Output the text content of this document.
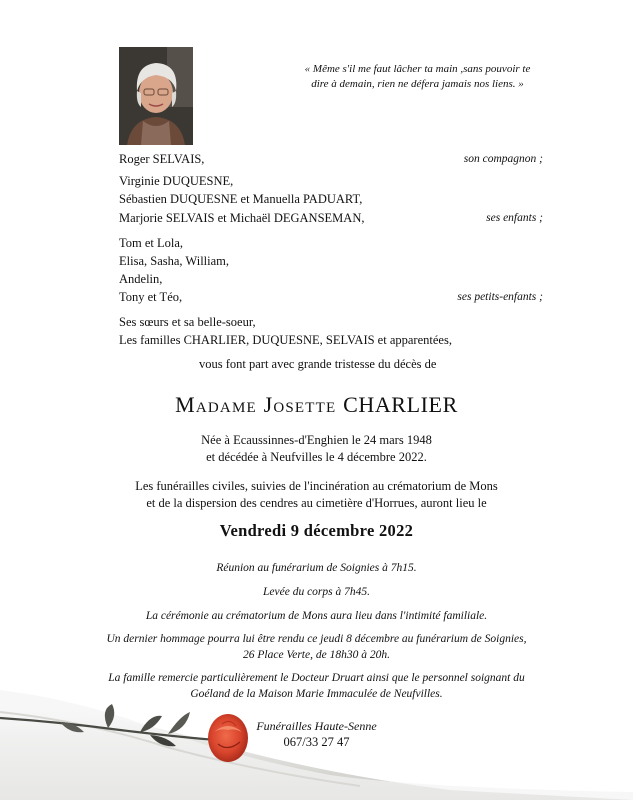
« Même s'il me faut lâcher ta main ,sans pouvoir te
dire à demain, rien ne défera jamais nos liens. »
Roger SELVAIS,	son compagnon ;
Virginie DUQUESNE,
Sébastien DUQUESNE et Manuella PADUART,
Marjorie SELVAIS et Michaël DEGANSEMAN,	ses enfants ;
Tom et Lola,
Elisa, Sasha, William,
Andelin,
Tony et Téo,	ses petits-enfants ;
Ses sœurs et sa belle-soeur,
Les familles CHARLIER, DUQUESNE, SELVAIS et apparentées,
vous font part avec grande tristesse du décès de
Madame Josette CHARLIER
Née à Ecaussinnes-d'Enghien le 24 mars 1948
et décédée à Neufvilles le 4 décembre 2022.
Les funérailles civiles, suivies de l'incinération au crématorium de Mons
et de la dispersion des cendres au cimetière d'Horrues, auront lieu le
Vendredi 9 décembre 2022
Réunion au funérarium de Soignies à 7h15.
Levée du corps à 7h45.
La cérémonie au crématorium de Mons aura lieu dans l'intimité familiale.
Un dernier hommage pourra lui être rendu ce jeudi 8 décembre au funérarium de Soignies,
26 Place Verte, de 18h30 à 20h.
La famille remercie particulièrement le Docteur Druart ainsi que le personnel soignant du
Goéland de la Maison Marie Immaculée de Neufvilles.
Funérailles Haute-Senne
067/33 27 47
